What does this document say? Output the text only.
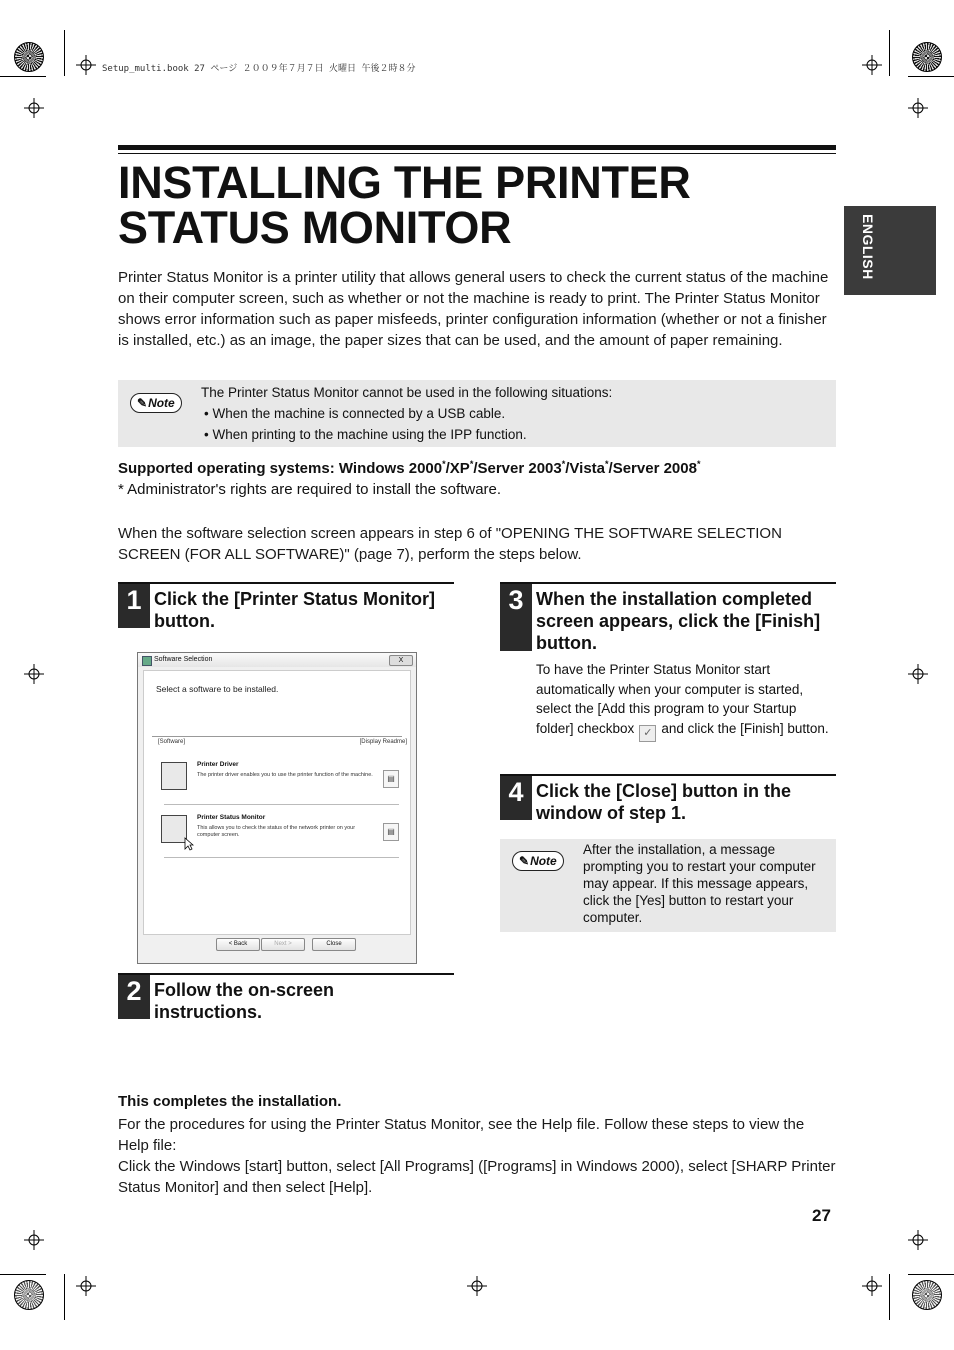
Setup_multi.book 27 ページ ２００９年７月７日 火曜日 午後２時８分
INSTALLING THE PRINTER STATUS MONITOR	ENGLISH

Printer Status Monitor is a printer utility that allows general users to check the current status of the machine on their computer screen, such as whether or not the machine is ready to print. The Printer Status Monitor shows error information such as paper misfeeds, printer configuration information (whether or not a finisher is installed, etc.) as an image, the paper sizes that can be used, and the amount of paper remaining.

✎Note
The Printer Status Monitor cannot be used in the following situations:
• When the machine is connected by a USB cable.
• When printing to the machine using the IPP function.
Supported operating systems: Windows 2000*/XP*/Server 2003*/Vista*/Server 2008*
* Administrator's rights are required to install the software.

When the software selection screen appears in step 6 of "OPENING THE SOFTWARE SELECTION SCREEN (FOR ALL SOFTWARE)" (page 7), perform the steps below.

1 Click the [Printer Status Monitor] button.
Software Selection	X
Select a software to be installed.
[Software]	[Display Readme]
Printer Driver
The printer driver enables you to use the printer function of the machine.	▤
Printer Status Monitor
This allows you to check the status of the network printer on your computer screen.	▤
< Back	Next >	Close
2 Follow the on-screen instructions.
3 When the installation completed screen appears, click the [Finish] button.
To have the Printer Status Monitor start automatically when your computer is started, select the [Add this program to your Startup folder] checkbox ✓ and click the [Finish] button.
4 Click the [Close] button in the window of step 1.
✎Note
After the installation, a message prompting you to restart your computer may appear. If this message appears, click the [Yes] button to restart your computer.
This completes the installation.
For the procedures for using the Printer Status Monitor, see the Help file. Follow these steps to view the Help file:
Click the Windows [start] button, select [All Programs] ([Programs] in Windows 2000), select [SHARP Printer Status Monitor] and then select [Help].
27
